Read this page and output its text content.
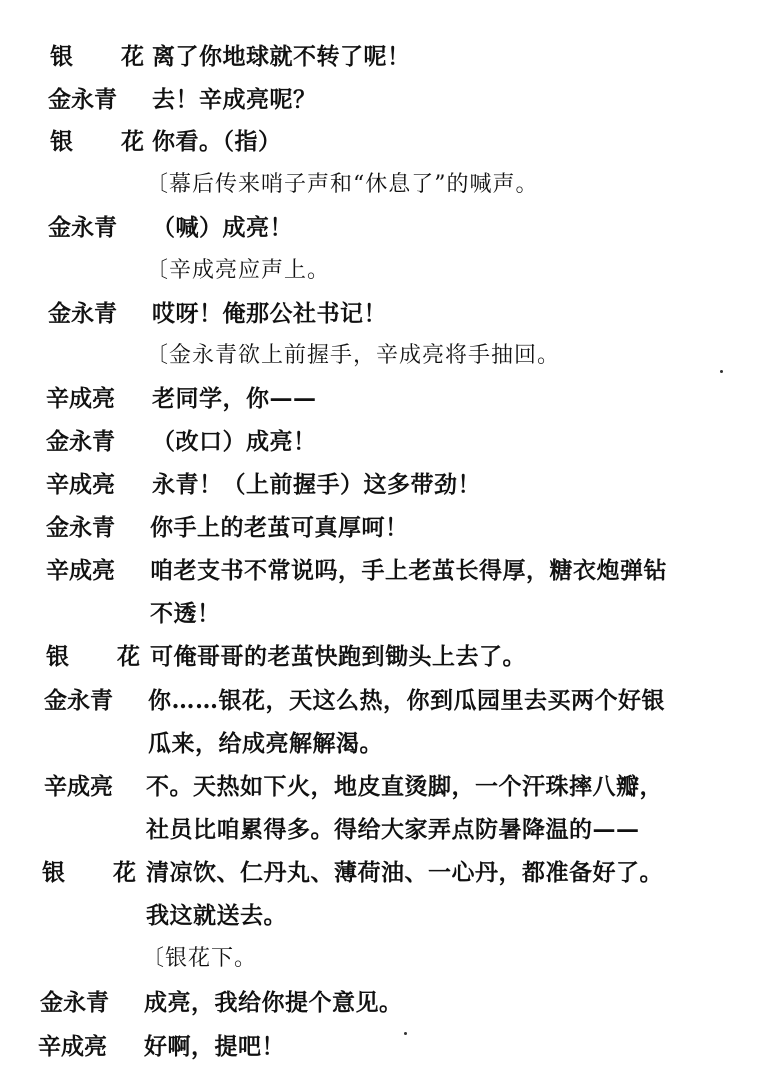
银 花
离了你地球就不转了呢！
金永青 去！辛成亮呢？
银 花
你看。（指）
〔幕后传来哨子声和“休息了”的喊声。
金永青 （喊）成亮！
〔辛成亮应声上。
金永青 哎呀！俺那公社书记！
〔金永青欲上前握手，辛成亮将手抽回。
辛成亮 老同学，你——
金永青 （改口）成亮！
辛成亮 永青！（上前握手）这多带劲！
金永青 你手上的老茧可真厚呵！
辛成亮 咱老支书不常说吗，手上老茧长得厚，糖衣炮弹钻
不透！
银 花
可俺哥哥的老茧快跑到锄头上去了。
金永青 你……银花，天这么热，你到瓜园里去买两个好银
瓜来，给成亮解解渴。
辛成亮 不。天热如下火，地皮直烫脚，一个汗珠摔八瓣，
社员比咱累得多。得给大家弄点防暑降温的——
银 花
清凉饮、仁丹丸、薄荷油、一心丹，都准备好了。
我这就送去。
〔银花下。
金永青 成亮，我给你提个意见。
辛成亮 好啊，提吧！
